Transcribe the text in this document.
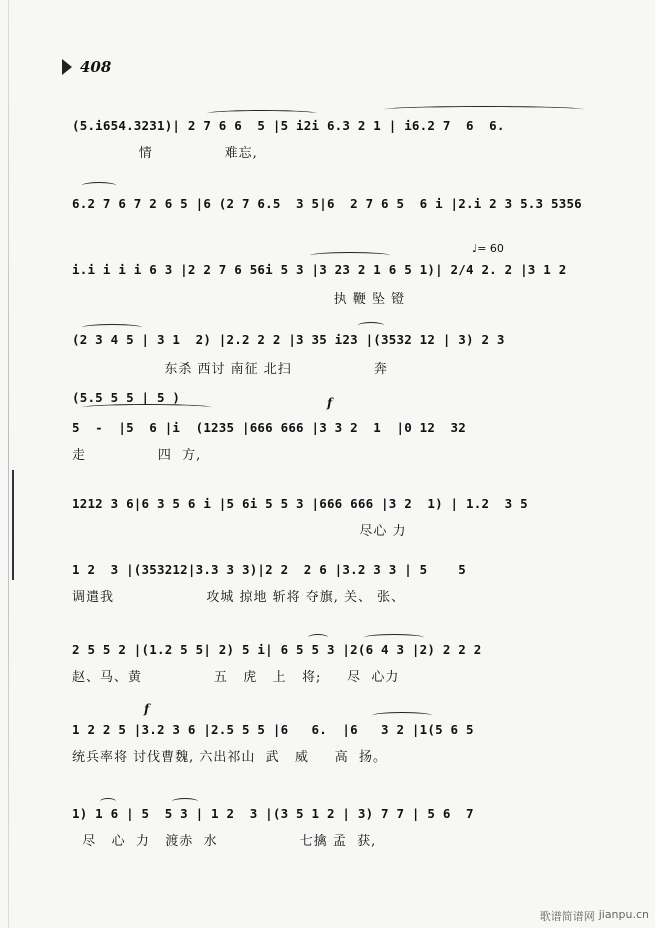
408
(5.i654.3231)| 2 7 6 6  5 |5 i2i 6.3 2 1 | i6.2 7  6  6.
情              难忘,
6.2 7 6 7 2 6 5 |6 (2 7 6.5  3 5|6  2 7 6 5  6 i |2.i 2 3 5.3 5356
♩= 60
i.i i i i 6 3 |2 2 7 6 56i 5 3 |3 23 2 1 6 5 1)| 2/4 2. 2 |3 1 2
执 鞭 坠 镫
(2 3 4 5 | 3 1  2) |2.2 2 2 |3 35 i23 |(3532 12 | 3) 2 3
东杀 西讨 南征 北扫                奔
(5.5 5 5 | 5 )	f
5  -  |5  6 |i  (1235 |666 666 |3 3 2  1  |0 12  32
走              四  方,
1212 3 6|6 3 5 6 i |5 6i 5 5 3 |666 666 |3 2  1) | 1.2  3 5
尽心 力
1 2  3 |(353212|3.3 3 3)|2 2  2 6 |3.2 3 3 | 5    5
调遣我                  攻城 掠地 斩将 夺旗, 关、 张、
2 5 5 2 |(1.2 5 5| 2) 5 i| 6 5 5 3 |2(6 4 3 |2) 2 2 2
赵、马、黄              五   虎   上   将;     尽  心力
f
1 2 2 5 |3.2 3 6 |2.5 5 5 |6   6.  |6   3 2 |1(5 6 5
统兵率将 讨伐曹魏, 六出祁山  武   威     高  扬。
1) 1 6 | 5  5 3 | 1 2  3 |(3 5 1 2 | 3) 7 7 | 5 6  7
尽   心  力   渡赤  水                七擒 孟  获,
歌谱简谱网 jianpu.cn
